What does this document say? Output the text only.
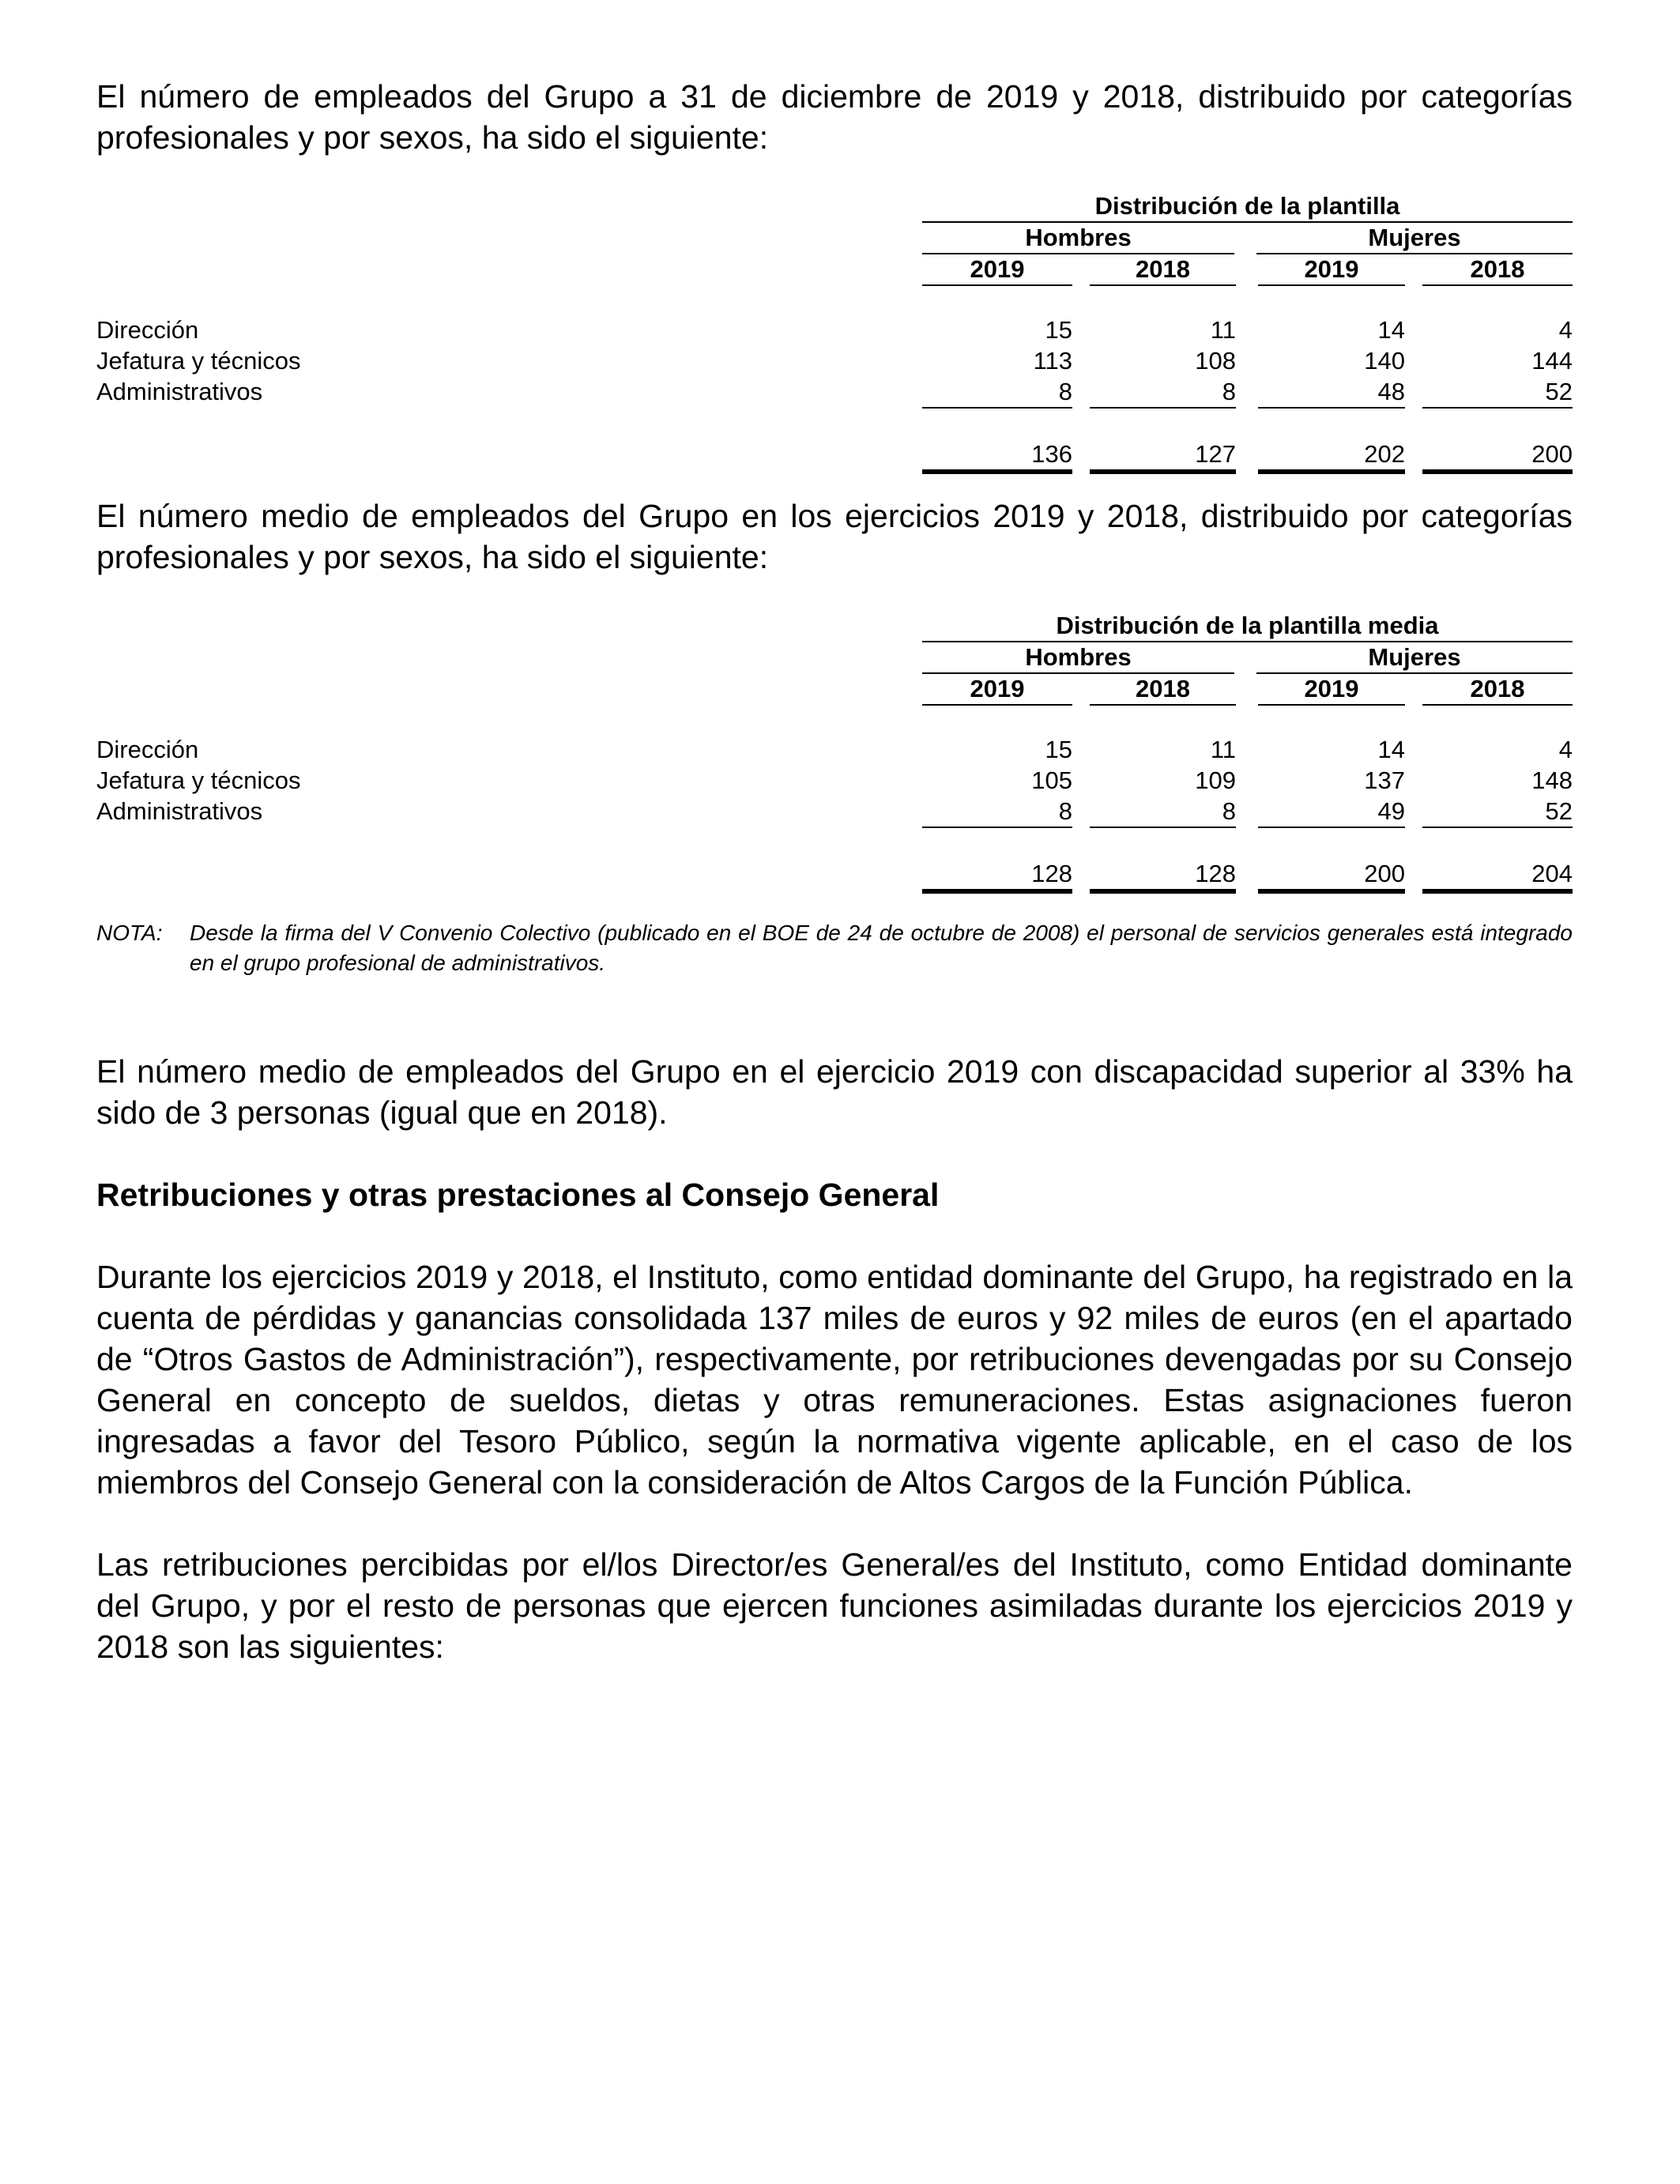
El número de empleados del Grupo a 31 de diciembre de 2019 y 2018, distribuido por categorías profesionales y por sexos, ha sido el siguiente:

Distribución de la plantilla
Hombres	Mujeres
2019	2018	2019	2018
Dirección	15	11	14	4
Jefatura y técnicos	113	108	140	144
Administrativos	8	8	48	52
136	127	202	200

El número medio de empleados del Grupo en los ejercicios 2019 y 2018, distribuido por categorías profesionales y por sexos, ha sido el siguiente:

Distribución de la plantilla media
Hombres	Mujeres
2019	2018	2019	2018
Dirección	15	11	14	4
Jefatura y técnicos	105	109	137	148
Administrativos	8	8	49	52
128	128	200	204
NOTA: Desde la firma del V Convenio Colectivo (publicado en el BOE de 24 de octubre de 2008) el personal de servicios generales está integrado en el grupo profesional de administrativos.

El número medio de empleados del Grupo en el ejercicio 2019 con discapacidad superior al 33% ha sido de 3 personas (igual que en 2018).

Retribuciones y otras prestaciones al Consejo General

Durante los ejercicios 2019 y 2018, el Instituto, como entidad dominante del Grupo, ha registrado en la cuenta de pérdidas y ganancias consolidada 137 miles de euros y 92 miles de euros (en el apartado de “Otros Gastos de Administración”), respectivamente, por retribuciones devengadas por su Consejo General en concepto de sueldos, dietas y otras remuneraciones. Estas asignaciones fueron ingresadas a favor del Tesoro Público, según la normativa vigente aplicable, en el caso de los miembros del Consejo General con la consideración de Altos Cargos de la Función Pública.

Las retribuciones percibidas por el/los Director/es General/es del Instituto, como Entidad dominante del Grupo, y por el resto de personas que ejercen funciones asimiladas durante los ejercicios 2019 y 2018 son las siguientes:
